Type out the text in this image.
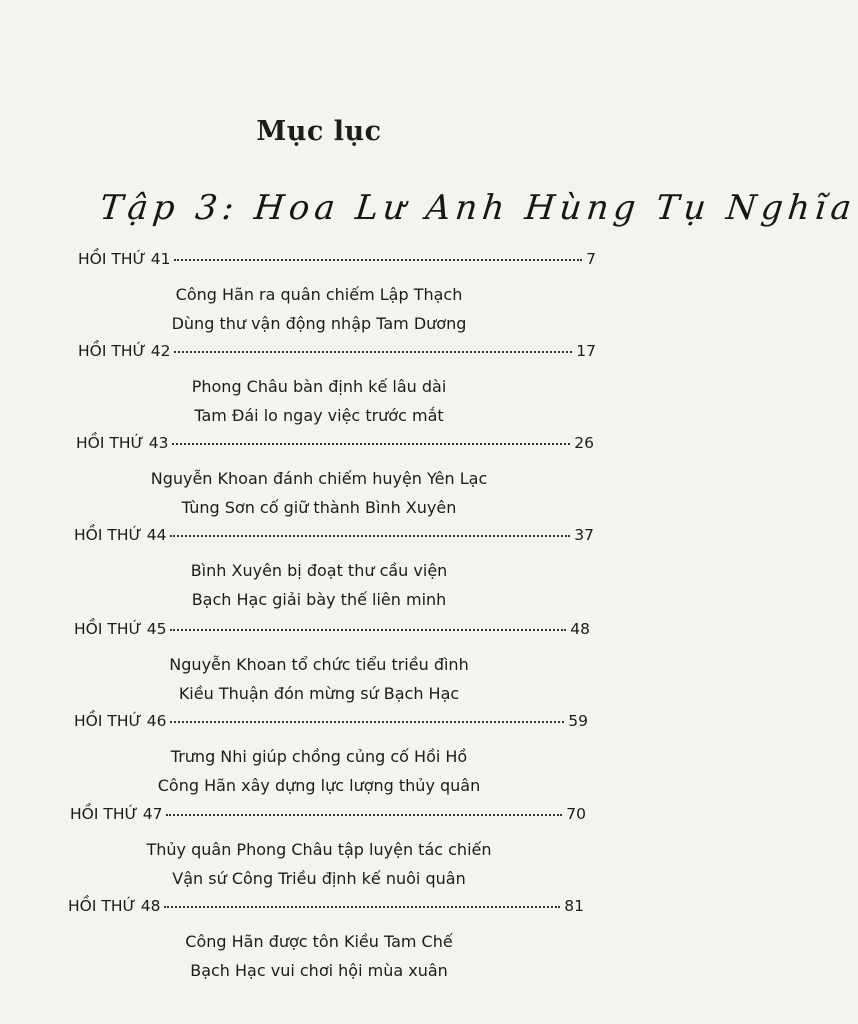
Mục lục
Tập 3: Hoa Lư Anh Hùng Tụ Nghĩa
HỒI THỨ 41	7
Công Hãn ra quân chiếm Lập Thạch
Dùng thư vận động nhập Tam Dương
HỒI THỨ 42	17
Phong Châu bàn định kế lâu dài
Tam Đái lo ngay việc trước mắt
HỒI THỨ 43	26
Nguyễn Khoan đánh chiếm huyện Yên Lạc
Tùng Sơn cố giữ thành Bình Xuyên
HỒI THỨ 44	37
Bình Xuyên bị đoạt thư cầu viện
Bạch Hạc giải bày thế liên minh
HỒI THỨ 45	48
Nguyễn Khoan tổ chức tiểu triều đình
Kiều Thuận đón mừng sứ Bạch Hạc
HỒI THỨ 46	59
Trưng Nhi giúp chồng củng cố Hồi Hồ
Công Hãn xây dựng lực lượng thủy quân
HỒI THỨ 47	70
Thủy quân Phong Châu tập luyện tác chiến
Vận sứ Công Triều định kế nuôi quân
HỒI THỨ 48	81
Công Hãn được tôn Kiều Tam Chế
Bạch Hạc vui chơi hội mùa xuân
